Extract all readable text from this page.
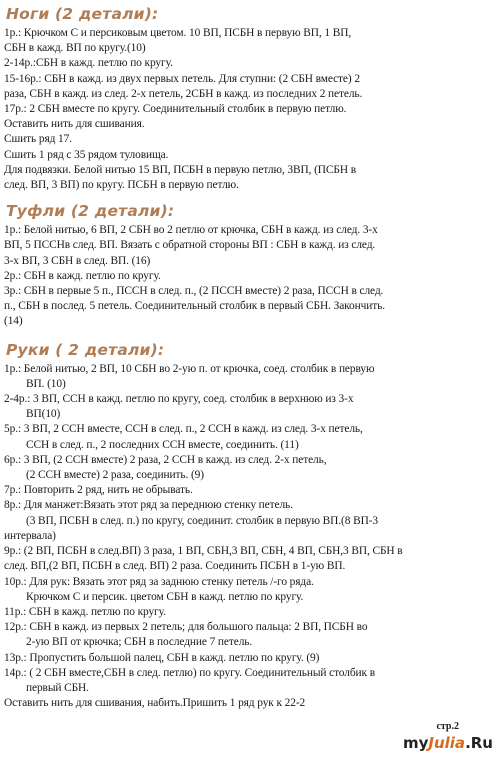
Ноги (2 детали):
1р.: Крючком С и персиковым цветом. 10 ВП, ПСБН в первую ВП, 1 ВП,
СБН в кажд. ВП по кругу.(10)
2-14р.:СБН в кажд. петлю по кругу.
15-16р.: СБН в кажд. из двух первых петель. Для ступни: (2 СБН вместе) 2
раза, СБН в кажд. из след. 2-х петель, 2СБН в кажд. из последних 2 петель.
17р.: 2 СБН вместе по кругу. Соединительный столбик в первую петлю.
Оставить нить для сшивания.
Сшить ряд 17.
Сшить 1 ряд с 35 рядом туловища.
Для подвязки. Белой нитью 15 ВП, ПСБН в первую петлю, 3ВП, (ПСБН в
след. ВП, 3 ВП) по кругу. ПСБН в первую петлю.
Туфли (2 детали):
1р.: Белой нитью, 6 ВП, 2 СБН во 2 петлю от крючка, СБН в кажд. из след. 3-х
ВП, 5 ПССНв след. ВП. Вязать с обратной стороны ВП : СБН в кажд. из след.
3-х ВП, 3 СБН в след. ВП. (16)
2р.: СБН в кажд. петлю по кругу.
3р.: СБН в первые 5 п., ПССН в след. п., (2 ПССН вместе) 2 раза, ПССН в след.
п., СБН в послед. 5 петель. Соединительный столбик в первый СБН. Закончить.
(14)
Руки ( 2 детали):
1р.: Белой нитью, 2 ВП, 10 СБН во 2-ую п. от крючка, соед. столбик в первую
ВП. (10)
2-4р.: 3 ВП, ССН в кажд. петлю по кругу, соед. столбик в верхнюю из 3-х
ВП(10)
5р.: 3 ВП, 2 ССН вместе, ССН в след. п., 2 ССН в кажд. из след. 3-х петель,
ССН в след. п., 2 последних ССН вместе, соединить. (11)
6р.: 3 ВП, (2 ССН вместе) 2 раза, 2 ССН в кажд. из след. 2-х петель,
(2 ССН вместе) 2 раза, соединить. (9)
7р.: Повторить 2 ряд, нить не обрывать.
8р.: Для манжет:Вязать этот ряд за переднюю стенку петель.
(3 ВП, ПСБН в след. п.) по кругу, соединит. столбик в первую ВП.(8 ВП-3
интервала)
9р.: (2 ВП, ПСБН в след.ВП) 3 раза, 1 ВП, СБН,3 ВП, СБН, 4 ВП, СБН,3 ВП, СБН в
след. ВП,(2 ВП, ПСБН в след. ВП) 2 раза. Соединить ПСБН в 1-ую ВП.
10р.: Для рук: Вязать этот ряд за заднюю стенку петель /-го ряда.
Крючком С и персик. цветом СБН в кажд. петлю по кругу.
11р.: СБН в кажд. петлю по кругу.
12р.: СБН в кажд. из первых 2 петель; для большого пальца: 2 ВП, ПСБН во
2-ую ВП от крючка; СБН в последние 7 петель.
13р.: Пропустить большой палец, СБН в кажд. петлю по кругу. (9)
14р.: ( 2 СБН вместе,СБН в след. петлю) по кругу. Соединительный столбик в
первый СБН.
Оставить нить для сшивания, набить.Пришить 1 ряд рук к 22-2
стр.2
myJulia.Ru
